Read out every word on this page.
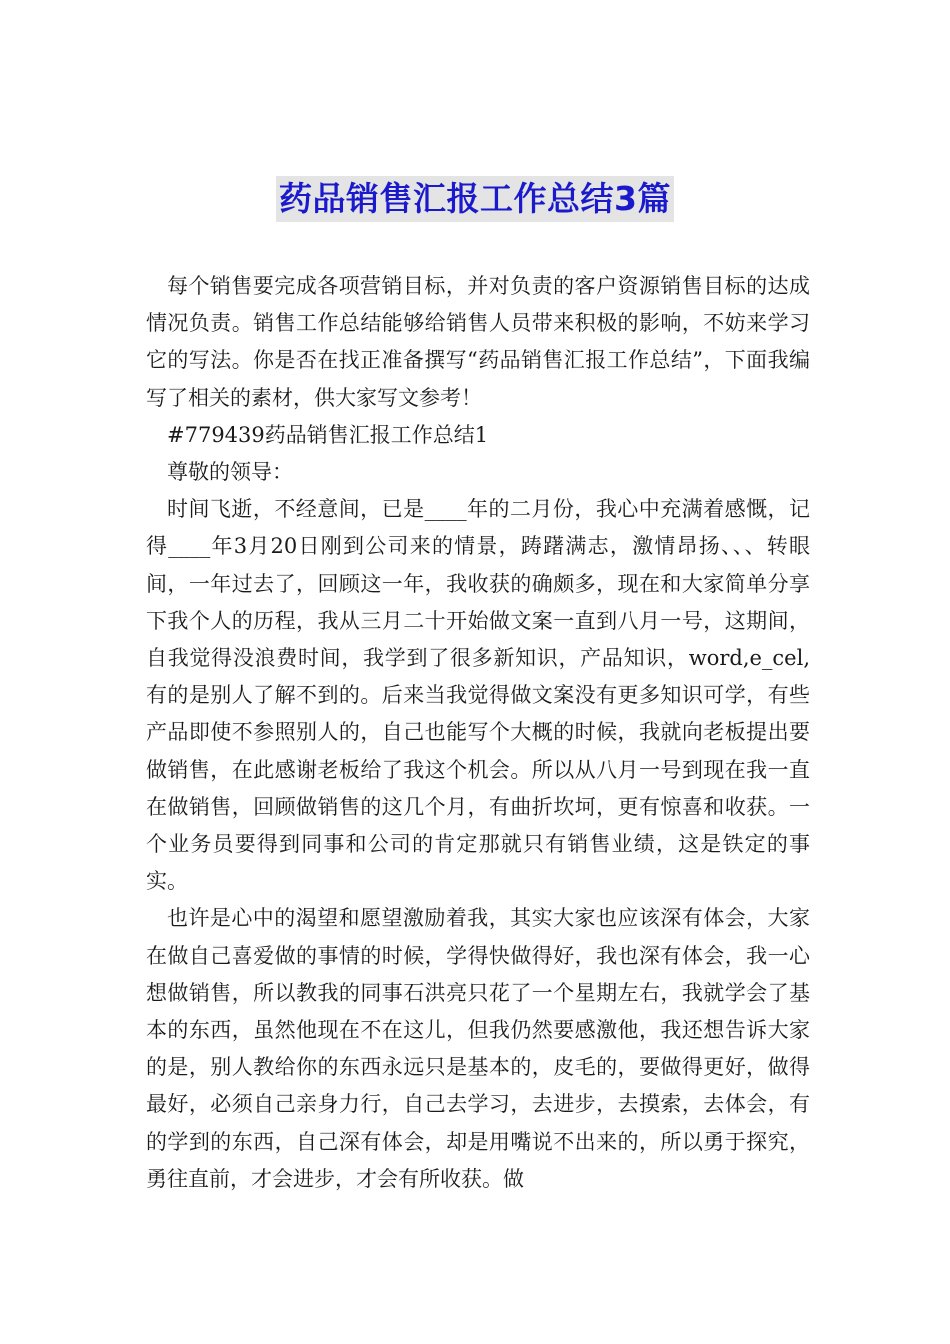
药品销售汇报工作总结3篇

每个销售要完成各项营销目标，并对负责的客户资源销售目标的达成情况负责。销售工作总结能够给销售人员带来积极的影响，不妨来学习它的写法。你是否在找正准备撰写“药品销售汇报工作总结”，下面我编写了相关的素材，供大家写文参考！

#779439药品销售汇报工作总结1

尊敬的领导：

时间飞逝，不经意间，已是____年的二月份，我心中充满着感慨，记得____年3月20日刚到公司来的情景，踌躇满志，激情昂扬、、、转眼间，一年过去了，回顾这一年，我收获的确颇多，现在和大家简单分享下我个人的历程，我从三月二十开始做文案一直到八月一号，这期间，自我觉得没浪费时间，我学到了很多新知识，产品知识，word,e_cel,有的是别人了解不到的。后来当我觉得做文案没有更多知识可学，有些产品即使不参照别人的，自己也能写个大概的时候，我就向老板提出要做销售，在此感谢老板给了我这个机会。所以从八月一号到现在我一直在做销售，回顾做销售的这几个月，有曲折坎坷，更有惊喜和收获。一个业务员要得到同事和公司的肯定那就只有销售业绩，这是铁定的事实。

也许是心中的渴望和愿望激励着我，其实大家也应该深有体会，大家在做自己喜爱做的事情的时候，学得快做得好，我也深有体会，我一心想做销售，所以教我的同事石洪亮只花了一个星期左右，我就学会了基本的东西，虽然他现在不在这儿，但我仍然要感激他，我还想告诉大家的是，别人教给你的东西永远只是基本的，皮毛的，要做得更好，做得最好，必须自己亲身力行，自己去学习，去进步，去摸索，去体会，有的学到的东西，自己深有体会，却是用嘴说不出来的，所以勇于探究，勇往直前，才会进步，才会有所收获。做
